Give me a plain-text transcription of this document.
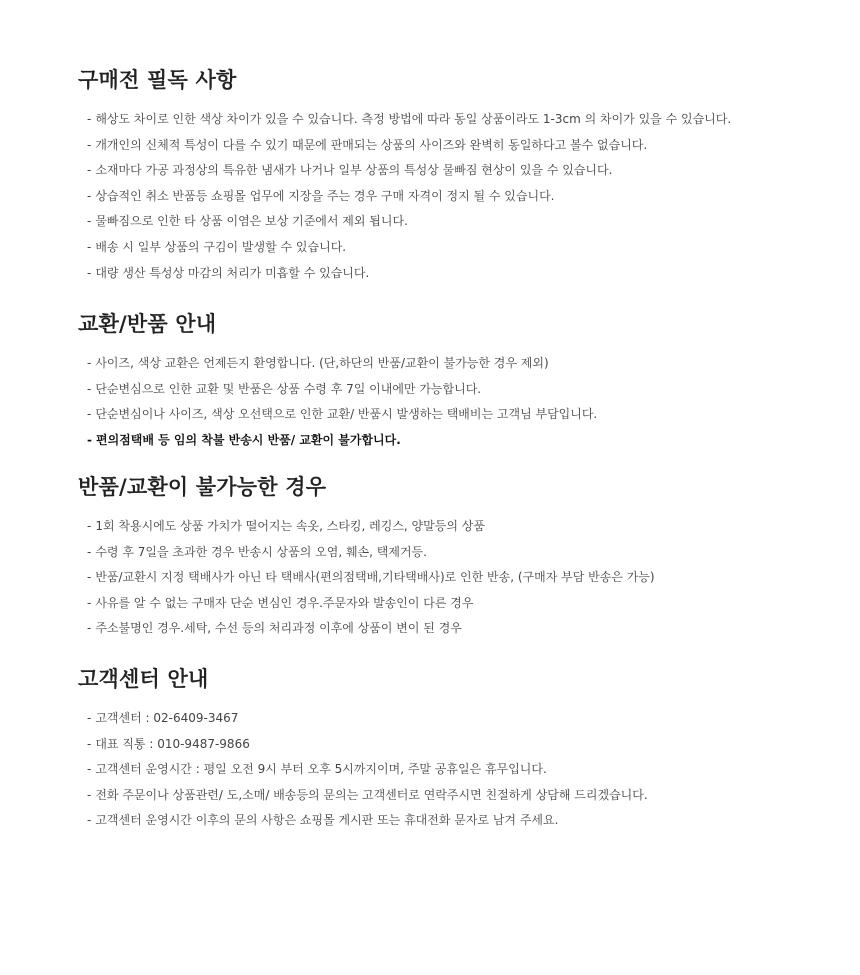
구매전 필독 사항
- 해상도 차이로 인한 색상 차이가 있을 수 있습니다. 측정 방법에 따라 동일 상품이라도 1-3cm 의 차이가 있을 수 있습니다.
- 개개인의 신체적 특성이 다를 수 있기 때문에 판매되는 상품의 사이즈와 완벽히 동일하다고 볼수 없습니다.
- 소재마다 가공 과정상의 특유한 냄새가 나거나 일부 상품의 특성상 물빠짐 현상이 있을 수 있습니다.
- 상습적인 취소 반품등 쇼핑몰 업무에 지장을 주는 경우 구매 자격이 정지 될 수 있습니다.
- 물빠짐으로 인한 타 상품 이염은 보상 기준에서 제외 됩니다.
- 배송 시 일부 상품의 구김이 발생할 수 있습니다.
- 대량 생산 특성상 마감의 처리가 미흡할 수 있습니다.
교환/반품 안내
- 사이즈, 색상 교환은 언제든지 환영합니다. (단,하단의 반품/교환이 불가능한 경우 제외)
- 단순변심으로 인한 교환 및 반품은 상품 수령 후 7일 이내에만 가능합니다.
- 단순변심이나 사이즈, 색상 오선택으로 인한 교환/ 반품시 발생하는 택배비는 고객님 부담입니다.
- 편의점택배 등 임의 착불 반송시 반품/ 교환이 불가합니다.
반품/교환이 불가능한 경우
- 1회 착용시에도 상품 가치가 떨어지는 속옷, 스타킹, 레깅스, 양말등의 상품
- 수령 후 7일을 초과한 경우 반송시 상품의 오염, 훼손, 택제거등.
- 반품/교환시 지정 택배사가 아닌 타 택배사(편의점택배,기타택배사)로 인한 반송, (구매자 부담 반송은 가능)
- 사유를 알 수 없는 구매자 단순 변심인 경우.주문자와 발송인이 다른 경우
- 주소불명인 경우.세탁, 수선 등의 처리과정 이후에 상품이 변이 된 경우
고객센터 안내
- 고객센터 : 02-6409-3467
- 대표 직통 : 010-9487-9866
- 고객센터 운영시간 : 평일 오전 9시 부터 오후 5시까지이며, 주말 공휴일은 휴무입니다.
- 전화 주문이나 상품관련/ 도,소매/ 배송등의 문의는 고객센터로 연락주시면 친절하게 상담해 드리겠습니다.
- 고객센터 운영시간 이후의 문의 사항은 쇼핑몰 게시판 또는 휴대전화 문자로 남겨 주세요.
